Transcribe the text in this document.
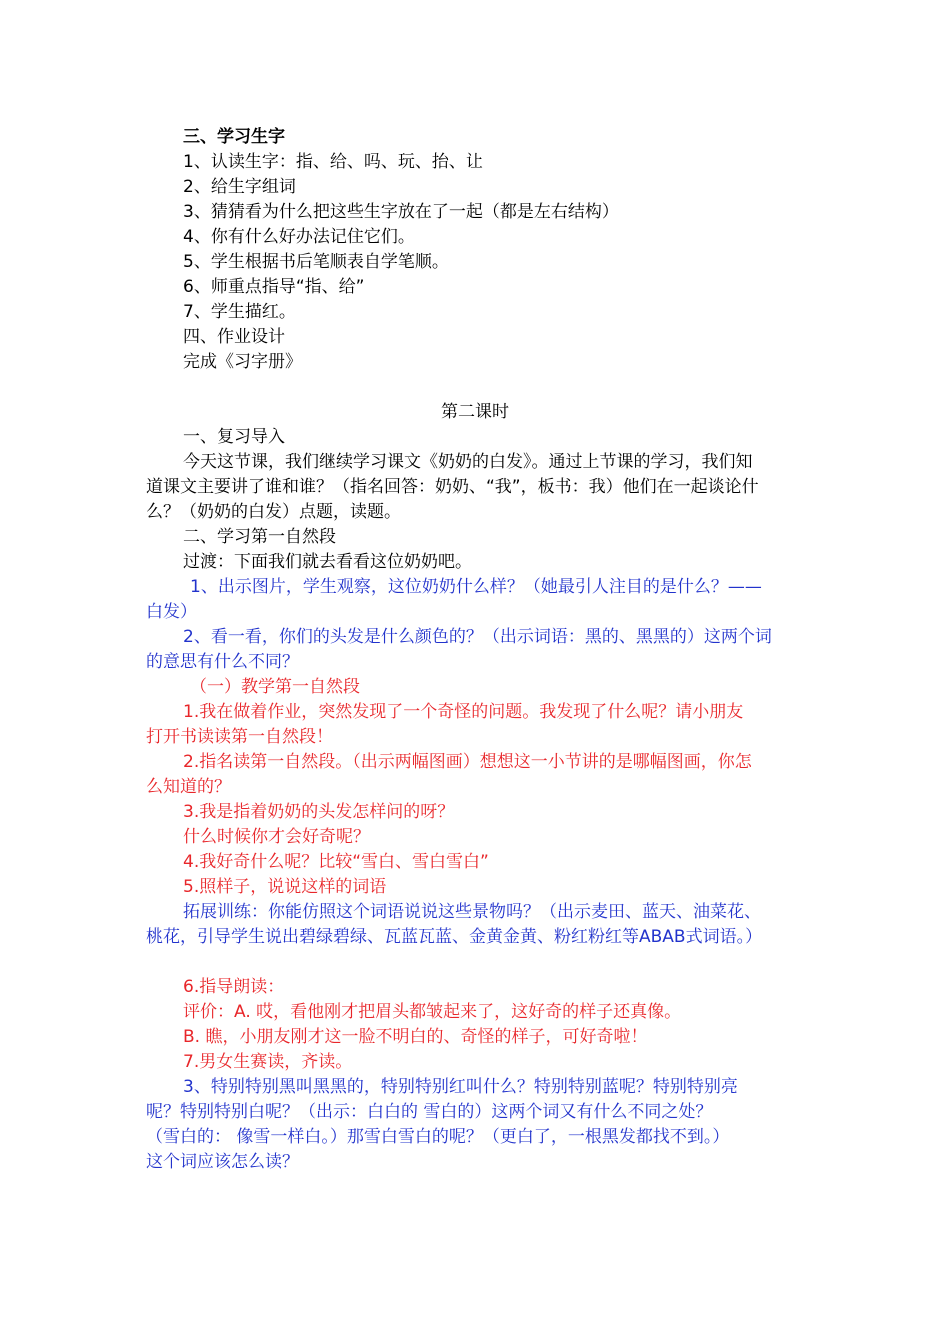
三、学习生字
1、认读生字：指、给、吗、玩、抬、让
2、给生字组词
3、猜猜看为什么把这些生字放在了一起（都是左右结构）
4、你有什么好办法记住它们。
5、学生根据书后笔顺表自学笔顺。
6、师重点指导“指、给”
7、学生描红。
四、作业设计
完成《习字册》
第二课时
一、复习导入
今天这节课，我们继续学习课文《奶奶的白发》。通过上节课的学习，我们知
道课文主要讲了谁和谁？（指名回答：奶奶、“我”，板书：我）他们在一起谈论什
么？（奶奶的白发）点题，读题。
二、学习第一自然段
过渡：下面我们就去看看这位奶奶吧。
1、出示图片，学生观察，这位奶奶什么样？（她最引人注目的是什么？——
白发）
2、看一看，你们的头发是什么颜色的？（出示词语：黑的、黑黑的）这两个词
的意思有什么不同？
（一）教学第一自然段
1.我在做着作业，突然发现了一个奇怪的问题。我发现了什么呢？请小朋友
打开书读读第一自然段！
2.指名读第一自然段。（出示两幅图画）想想这一小节讲的是哪幅图画，你怎
么知道的？
3.我是指着奶奶的头发怎样问的呀？
什么时候你才会好奇呢？
4.我好奇什么呢？比较“雪白、雪白雪白”
5.照样子，说说这样的词语
拓展训练：你能仿照这个词语说说这些景物吗？（出示麦田、蓝天、油菜花、
桃花，引导学生说出碧绿碧绿、瓦蓝瓦蓝、金黄金黄、粉红粉红等ABAB式词语。）
6.指导朗读：
评价：A. 哎，看他刚才把眉头都皱起来了，这好奇的样子还真像。
B. 瞧，小朋友刚才这一脸不明白的、奇怪的样子，可好奇啦！
7.男女生赛读，齐读。
3、特别特别黑叫黑黑的，特别特别红叫什么？特别特别蓝呢？特别特别亮
呢？特别特别白呢？（出示：白白的 雪白的）这两个词又有什么不同之处？
（雪白的： 像雪一样白。）那雪白雪白的呢？（更白了，一根黑发都找不到。）
这个词应该怎么读？
